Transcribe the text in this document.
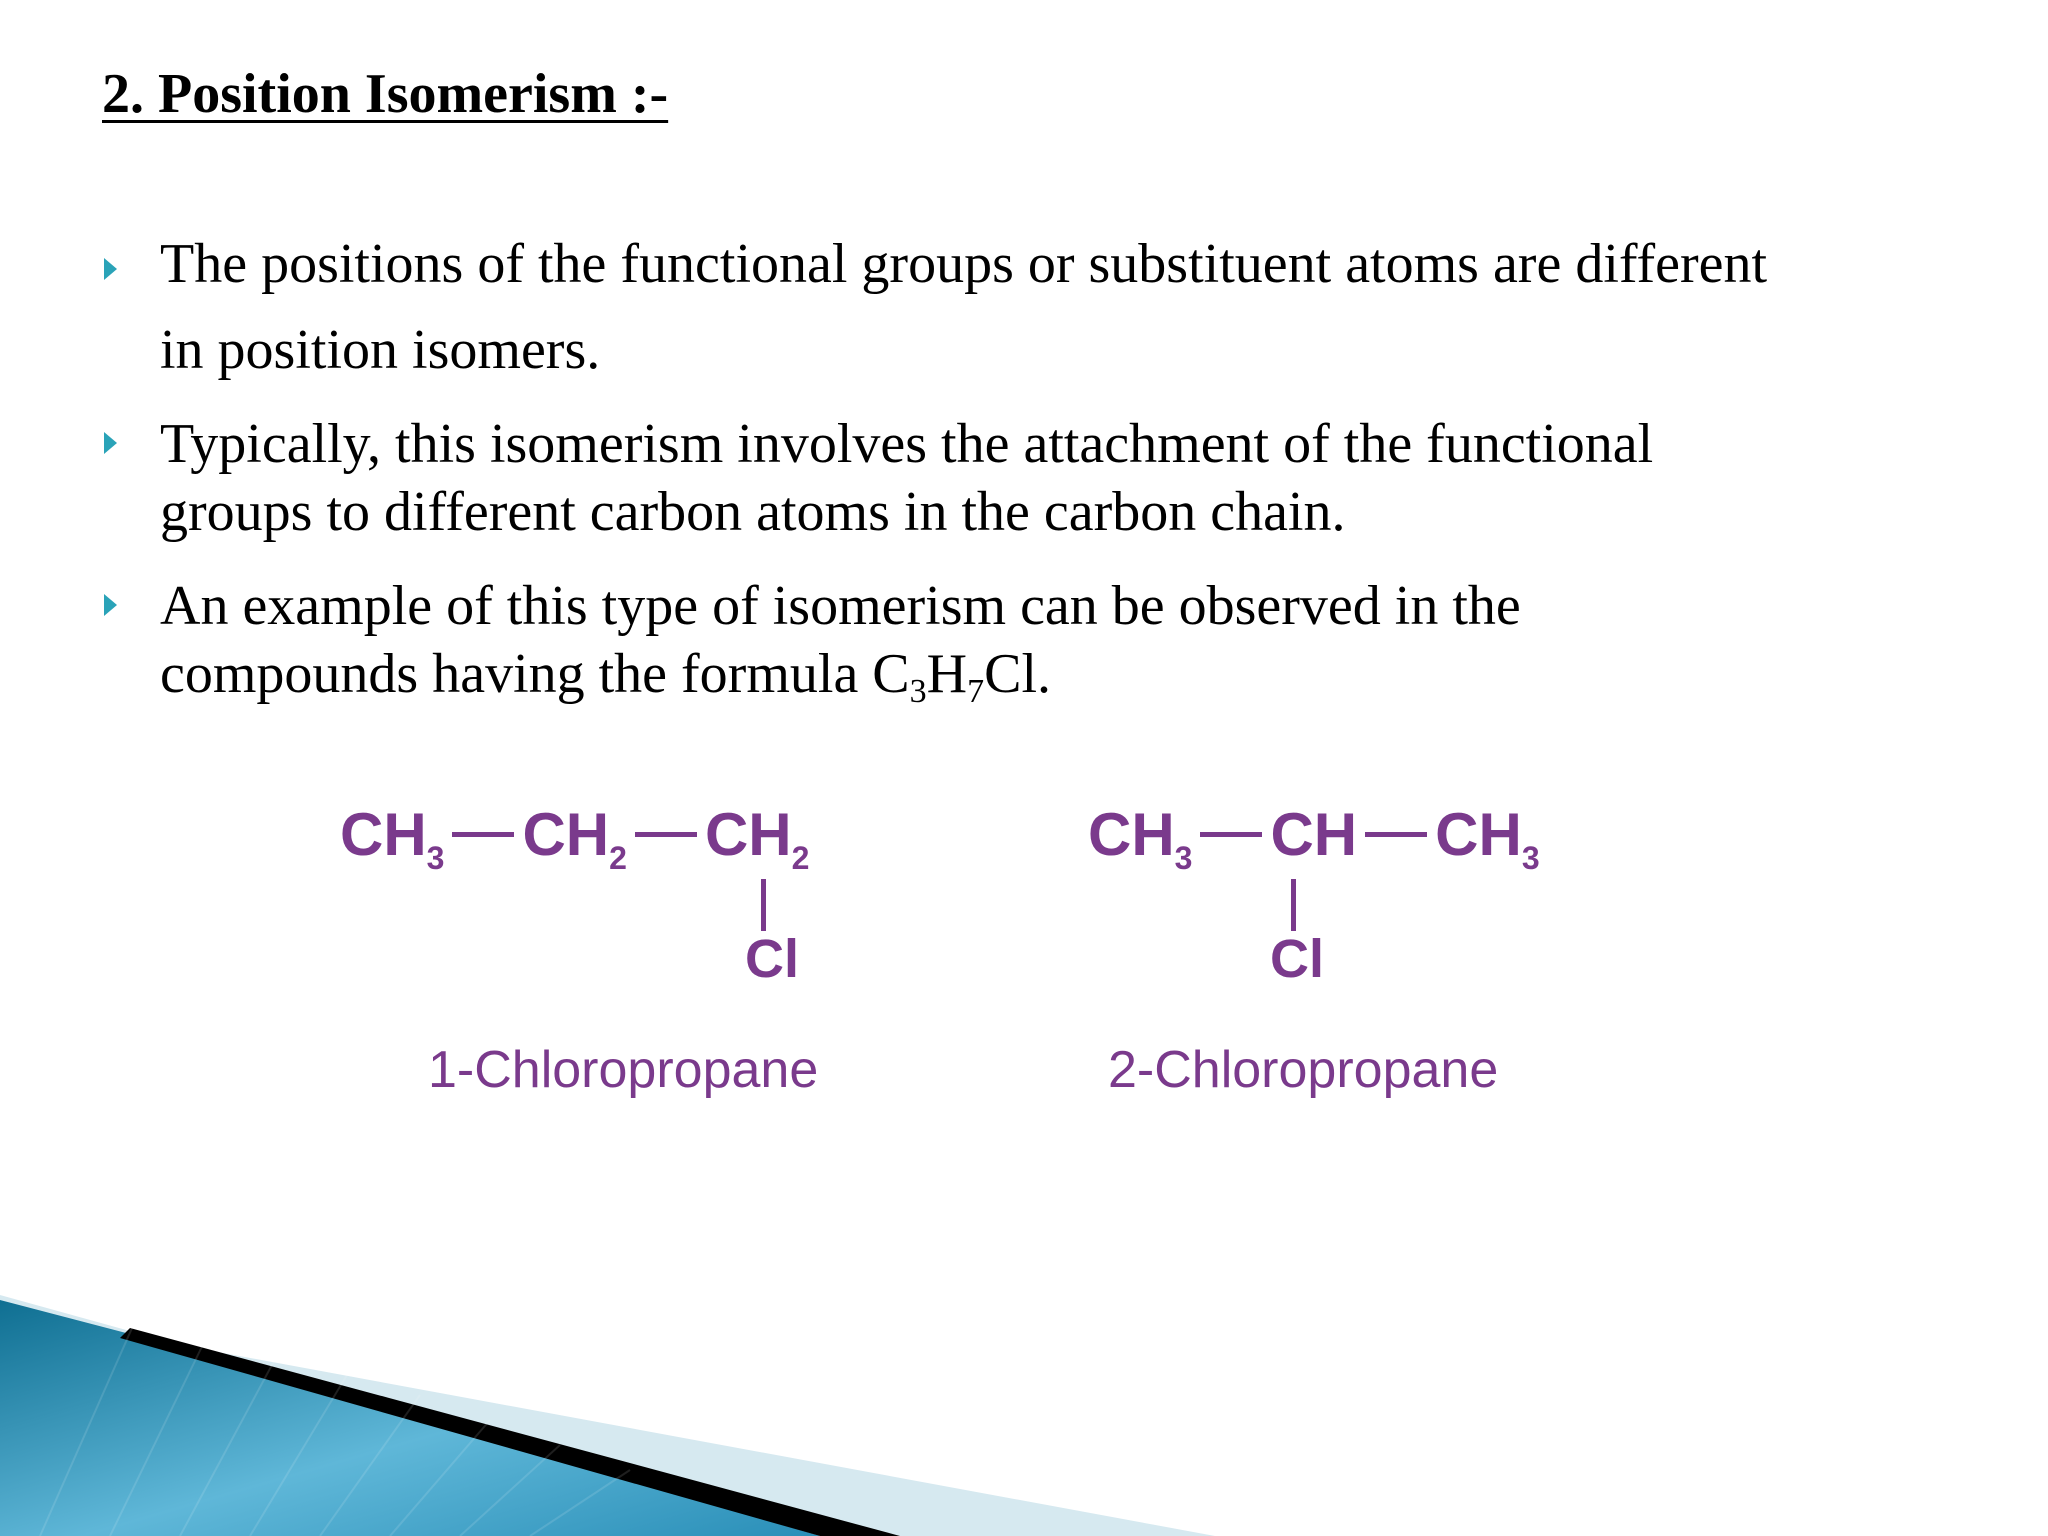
2. Position Isomerism :-
The positions of the functional groups or substituent atoms are different
in position isomers.
Typically, this isomerism involves the attachment of the functional
groups to different carbon atoms in the carbon chain.
An example of this type of isomerism can be observed in the
compounds having the formula $C_3H_7Cl$.
$CH_3$ $CH_2$ $CH_2$
Cl
1-Chloropropane
$CH_3$ CH $CH_3$
Cl
2-Chloropropane
